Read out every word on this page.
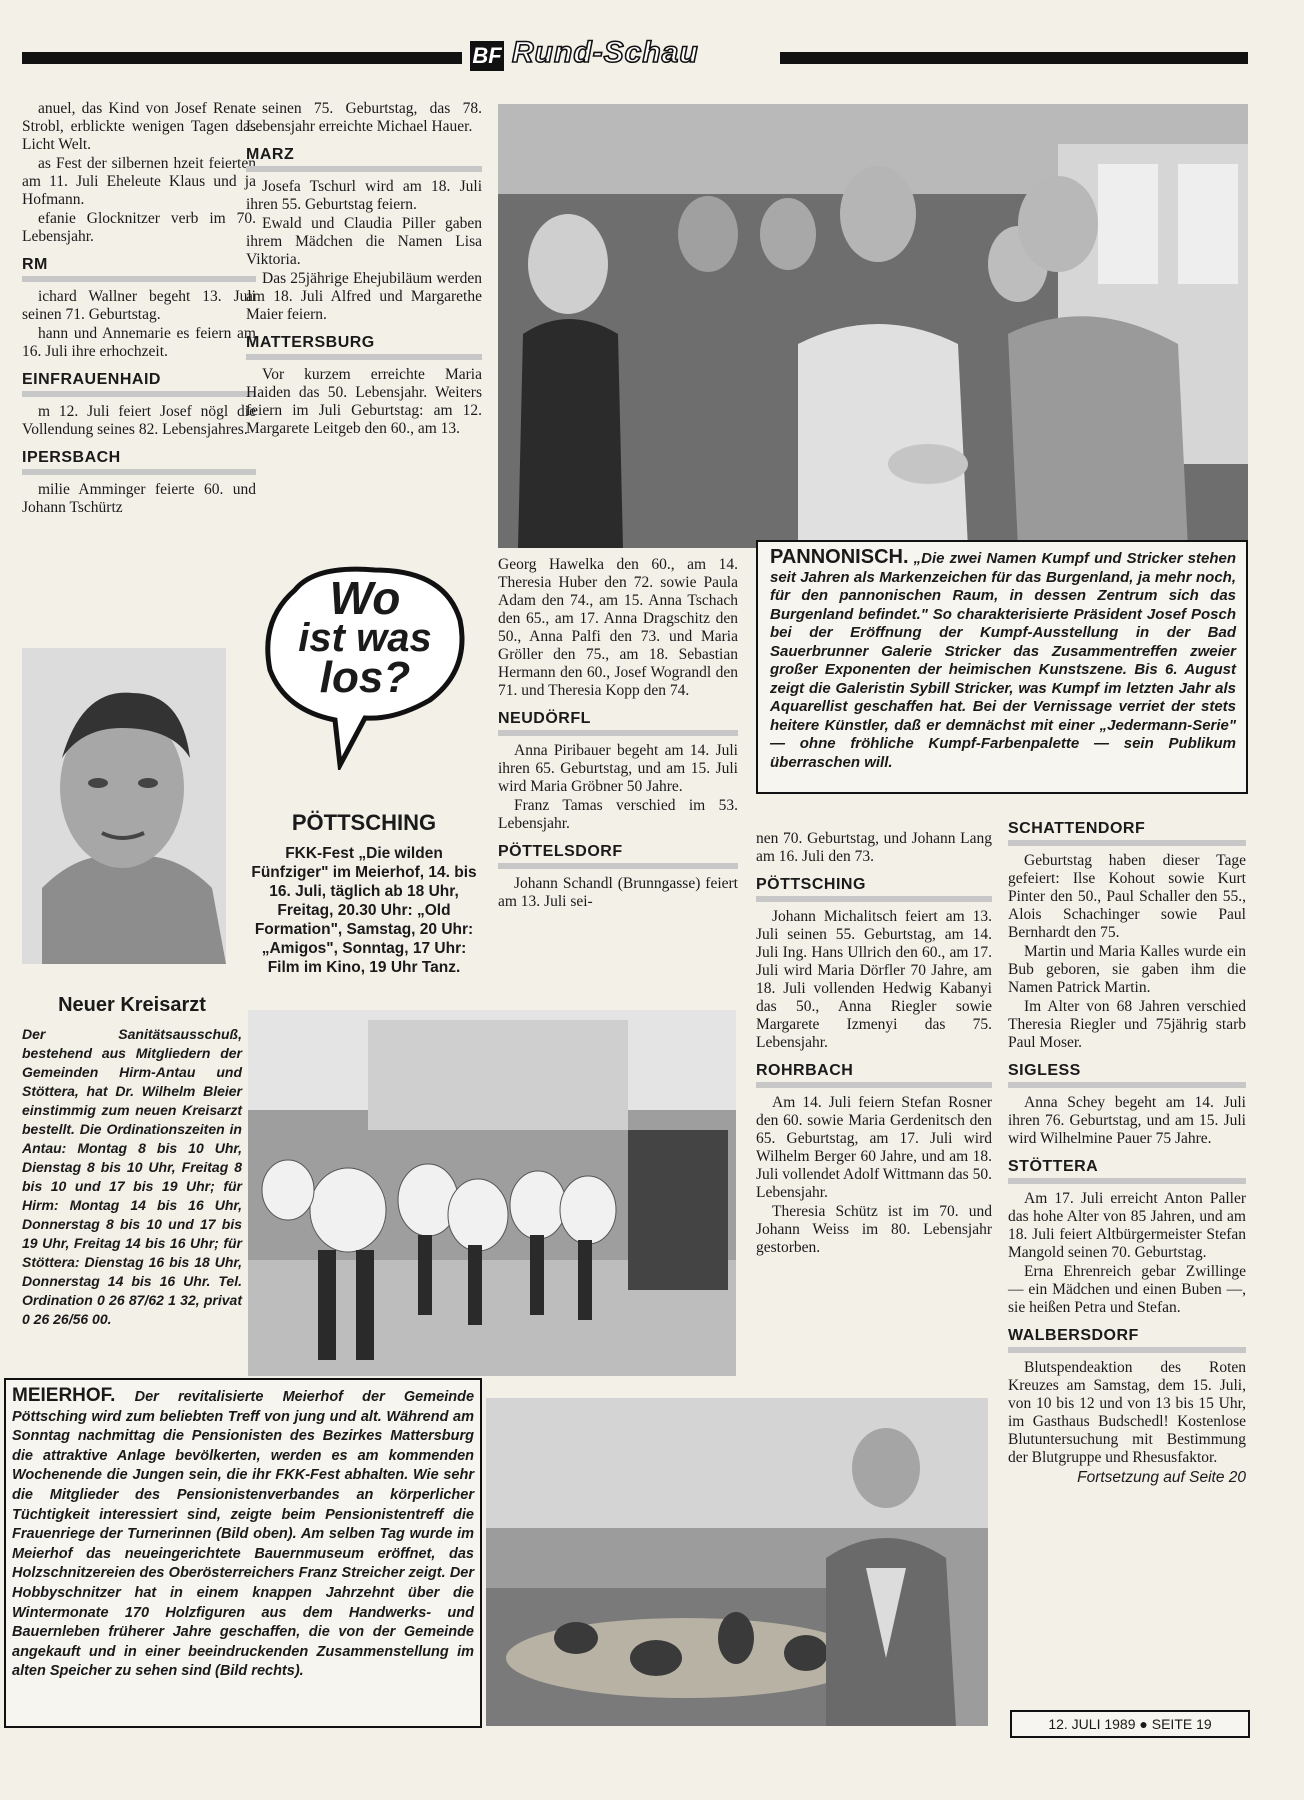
BF Rund-Schau

anuel, das Kind von Josef Renate Strobl, erblickte wenigen Tagen das Licht Welt.

as Fest der silbernen hzeit feierten am 11. Juli Eheleute Klaus und ja Hofmann.

efanie Glocknitzer verb im 70. Lebensjahr.

RM

ichard Wallner begeht 13. Juli seinen 71. Geburtstag.

hann und Annemarie es feiern am 16. Juli ihre erhochzeit.

EINFRAUENHAID

m 12. Juli feiert Josef nögl die Vollendung seines 82. Lebensjahres.

IPERSBACH

milie Amminger feierte 60. und Johann Tschürtz

seinen 75. Geburtstag, das 78. Lebensjahr erreichte Michael Hauer.

MARZ

Josefa Tschurl wird am 18. Juli ihren 55. Geburtstag feiern.

Ewald und Claudia Piller gaben ihrem Mädchen die Namen Lisa Viktoria.

Das 25jährige Ehejubiläum werden am 18. Juli Alfred und Margarethe Maier feiern.

MATTERSBURG

Vor kurzem erreichte Maria Haiden das 50. Lebensjahr. Weiters feiern im Juli Geburtstag: am 12. Margarete Leitgeb den 60., am 13.

Wo
ist was
los?
PÖTTSCHING
FKK-Fest „Die wilden Fünfziger" im Meierhof, 14. bis 16. Juli, täglich ab 18 Uhr, Freitag, 20.30 Uhr: „Old Formation", Samstag, 20 Uhr: „Amigos", Sonntag, 17 Uhr: Film im Kino, 19 Uhr Tanz.

Georg Hawelka den 60., am 14. Theresia Huber den 72. sowie Paula Adam den 74., am 15. Anna Tschach den 65., am 17. Anna Dragschitz den 50., Anna Palfi den 73. und Maria Gröller den 75., am 18. Sebastian Hermann den 60., Josef Wograndl den 71. und Theresia Kopp den 74.

NEUDÖRFL

Anna Piribauer begeht am 14. Juli ihren 65. Geburtstag, und am 15. Juli wird Maria Gröbner 50 Jahre.

Franz Tamas verschied im 53. Lebensjahr.

PÖTTELSDORF

Johann Schandl (Brunngasse) feiert am 13. Juli sei-

PANNONISCH. „Die zwei Namen Kumpf und Stricker stehen seit Jahren als Markenzeichen für das Burgenland, ja mehr noch, für den pannonischen Raum, in dessen Zentrum sich das Burgenland befindet." So charakterisierte Präsident Josef Posch bei der Eröffnung der Kumpf-Ausstellung in der Bad Sauerbrunner Galerie Stricker das Zusammentreffen zweier großer Exponenten der heimischen Kunstszene. Bis 6. August zeigt die Galeristin Sybill Stricker, was Kumpf im letzten Jahr als Aquarellist geschaffen hat. Bei der Vernissage verriet der stets heitere Künstler, daß er demnächst mit einer „Jedermann-Serie" — ohne fröhliche Kumpf-Farbenpalette — sein Publikum überraschen will.

nen 70. Geburtstag, und Johann Lang am 16. Juli den 73.

PÖTTSCHING

Johann Michalitsch feiert am 13. Juli seinen 55. Geburtstag, am 14. Juli Ing. Hans Ullrich den 60., am 17. Juli wird Maria Dörfler 70 Jahre, am 18. Juli vollenden Hedwig Kabanyi das 50., Anna Riegler sowie Margarete Izmenyi das 75. Lebensjahr.

ROHRBACH

Am 14. Juli feiern Stefan Rosner den 60. sowie Maria Gerdenitsch den 65. Geburtstag, am 17. Juli wird Wilhelm Berger 60 Jahre, und am 18. Juli vollendet Adolf Wittmann das 50. Lebensjahr.

Theresia Schütz ist im 70. und Johann Weiss im 80. Lebensjahr gestorben.

SCHATTENDORF

Geburtstag haben dieser Tage gefeiert: Ilse Kohout sowie Kurt Pinter den 50., Paul Schaller den 55., Alois Schachinger sowie Paul Bernhardt den 75.

Martin und Maria Kalles wurde ein Bub geboren, sie gaben ihm die Namen Patrick Martin.

Im Alter von 68 Jahren verschied Theresia Riegler und 75jährig starb Paul Moser.

SIGLESS

Anna Schey begeht am 14. Juli ihren 76. Geburtstag, und am 15. Juli wird Wilhelmine Pauer 75 Jahre.

STÖTTERA

Am 17. Juli erreicht Anton Paller das hohe Alter von 85 Jahren, und am 18. Juli feiert Altbürgermeister Stefan Mangold seinen 70. Geburtstag.

Erna Ehrenreich gebar Zwillinge — ein Mädchen und einen Buben —, sie heißen Petra und Stefan.

WALBERSDORF

Blutspendeaktion des Roten Kreuzes am Samstag, dem 15. Juli, von 10 bis 12 und von 13 bis 15 Uhr, im Gasthaus Budschedl! Kostenlose Blutuntersuchung mit Bestimmung der Blutgruppe und Rhesusfaktor.

Fortsetzung auf Seite 20
Neuer Kreisarzt
Der Sanitätsausschuß, bestehend aus Mitgliedern der Gemeinden Hirm-Antau und Stöttera, hat Dr. Wilhelm Bleier einstimmig zum neuen Kreisarzt bestellt. Die Ordinationszeiten in Antau: Montag 8 bis 10 Uhr, Dienstag 8 bis 10 Uhr, Freitag 8 bis 10 und 17 bis 19 Uhr; für Hirm: Montag 14 bis 16 Uhr, Donnerstag 8 bis 10 und 17 bis 19 Uhr, Freitag 14 bis 16 Uhr; für Stöttera: Dienstag 16 bis 18 Uhr, Donnerstag 14 bis 16 Uhr. Tel. Ordination 0 26 87/62 1 32, privat 0 26 26/56 00.
MEIERHOF. Der revitalisierte Meierhof der Gemeinde Pöttsching wird zum beliebten Treff von jung und alt. Während am Sonntag nachmittag die Pensionisten des Bezirkes Mattersburg die attraktive Anlage bevölkerten, werden es am kommenden Wochenende die Jungen sein, die ihr FKK-Fest abhalten. Wie sehr die Mitglieder des Pensionistenverbandes an körperlicher Tüchtigkeit interessiert sind, zeigte beim Pensionistentreff die Frauenriege der Turnerinnen (Bild oben). Am selben Tag wurde im Meierhof das neueingerichtete Bauernmuseum eröffnet, das Holzschnitzereien des Oberösterreichers Franz Streicher zeigt. Der Hobbyschnitzer hat in einem knappen Jahrzehnt über die Wintermonate 170 Holzfiguren aus dem Handwerks- und Bauernleben früherer Jahre geschaffen, die von der Gemeinde angekauft und in einer beeindruckenden Zusammenstellung im alten Speicher zu sehen sind (Bild rechts).
12. JULI 1989 ● SEITE 19
